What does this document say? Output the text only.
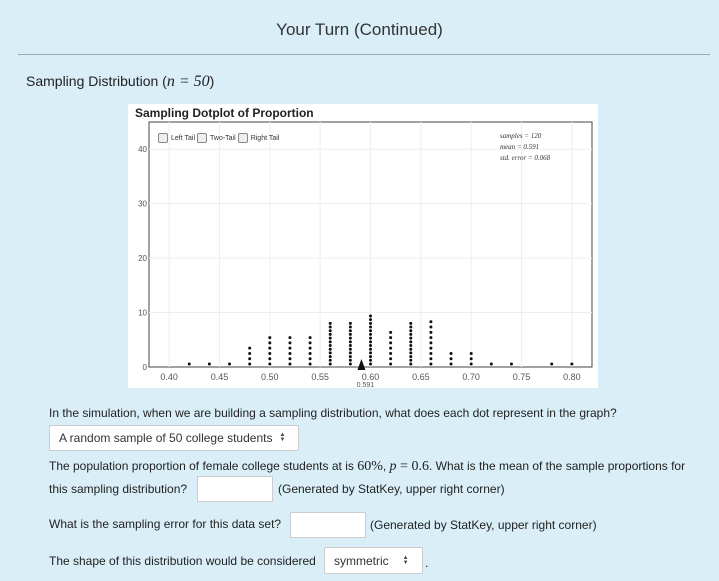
Your Turn (Continued)
Sampling Distribution (n = 50)
Sampling Dotplot of Proportion
0.40	0.45	0.50	0.55	0.60	0.65	0.70	0.75	0.80
0
10
20
30
40
0.591
Left Tail Two-Tail Right Tail	samples = 120
mean = 0.591
std. error = 0.068
In the simulation, when we are building a sampling distribution, what does each dot represent in the graph?
A random sample of 50 college students ▲
▼
The population proportion of female college students at is 60%, p = 0.6. What is the mean of the sample proportions for
this sampling distribution?	(Generated by StatKey, upper right corner)
What is the sampling error for this data set?	(Generated by StatKey, upper right corner)
The shape of this distribution would be considered symmetric ▲
▼ .
